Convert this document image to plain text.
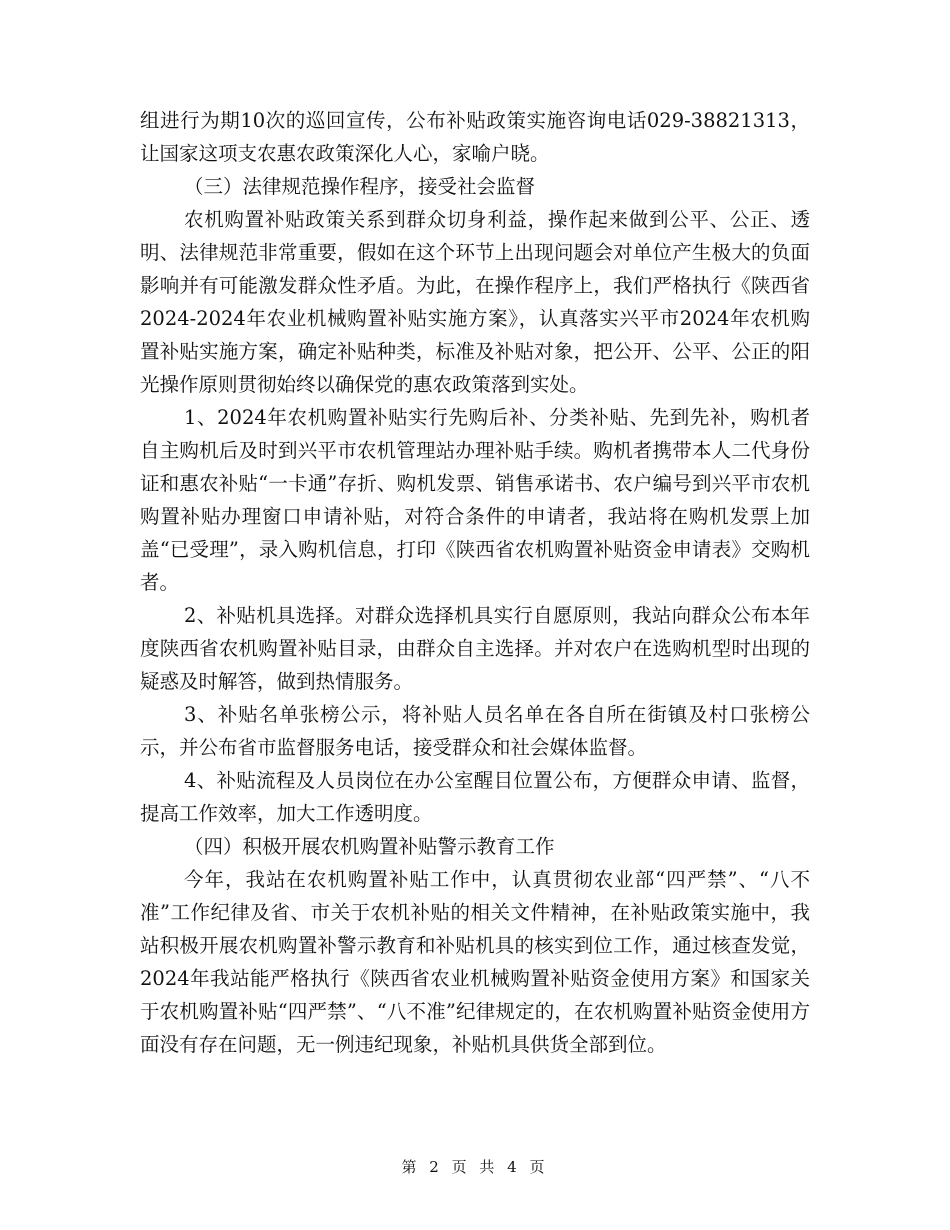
组进行为期10次的巡回宣传，公布补贴政策实施咨询电话029-38821313，让国家这项支农惠农政策深化人心，家喻户晓。

（三）法律规范操作程序，接受社会监督

农机购置补贴政策关系到群众切身利益，操作起来做到公平、公正、透明、法律规范非常重要，假如在这个环节上出现问题会对单位产生极大的负面影响并有可能激发群众性矛盾。为此，在操作程序上，我们严格执行《陕西省2024-2024年农业机械购置补贴实施方案》，认真落实兴平市2024年农机购置补贴实施方案，确定补贴种类，标准及补贴对象，把公开、公平、公正的阳光操作原则贯彻始终以确保党的惠农政策落到实处。

1、2024年农机购置补贴实行先购后补、分类补贴、先到先补，购机者自主购机后及时到兴平市农机管理站办理补贴手续。购机者携带本人二代身份证和惠农补贴“一卡通”存折、购机发票、销售承诺书、农户编号到兴平市农机购置补贴办理窗口申请补贴，对符合条件的申请者，我站将在购机发票上加盖“已受理”，录入购机信息，打印《陕西省农机购置补贴资金申请表》交购机者。

2、补贴机具选择。对群众选择机具实行自愿原则，我站向群众公布本年度陕西省农机购置补贴目录，由群众自主选择。并对农户在选购机型时出现的疑惑及时解答，做到热情服务。

3、补贴名单张榜公示，将补贴人员名单在各自所在街镇及村口张榜公示，并公布省市监督服务电话，接受群众和社会媒体监督。

4、补贴流程及人员岗位在办公室醒目位置公布，方便群众申请、监督，提高工作效率，加大工作透明度。

（四）积极开展农机购置补贴警示教育工作

今年，我站在农机购置补贴工作中，认真贯彻农业部“四严禁”、“八不准”工作纪律及省、市关于农机补贴的相关文件精神，在补贴政策实施中，我站积极开展农机购置补警示教育和补贴机具的核实到位工作，通过核查发觉，2024年我站能严格执行《陕西省农业机械购置补贴资金使用方案》和国家关于农机购置补贴“四严禁”、“八不准”纪律规定的，在农机购置补贴资金使用方面没有存在问题，无一例违纪现象，补贴机具供货全部到位。

第 2 页 共 4 页
